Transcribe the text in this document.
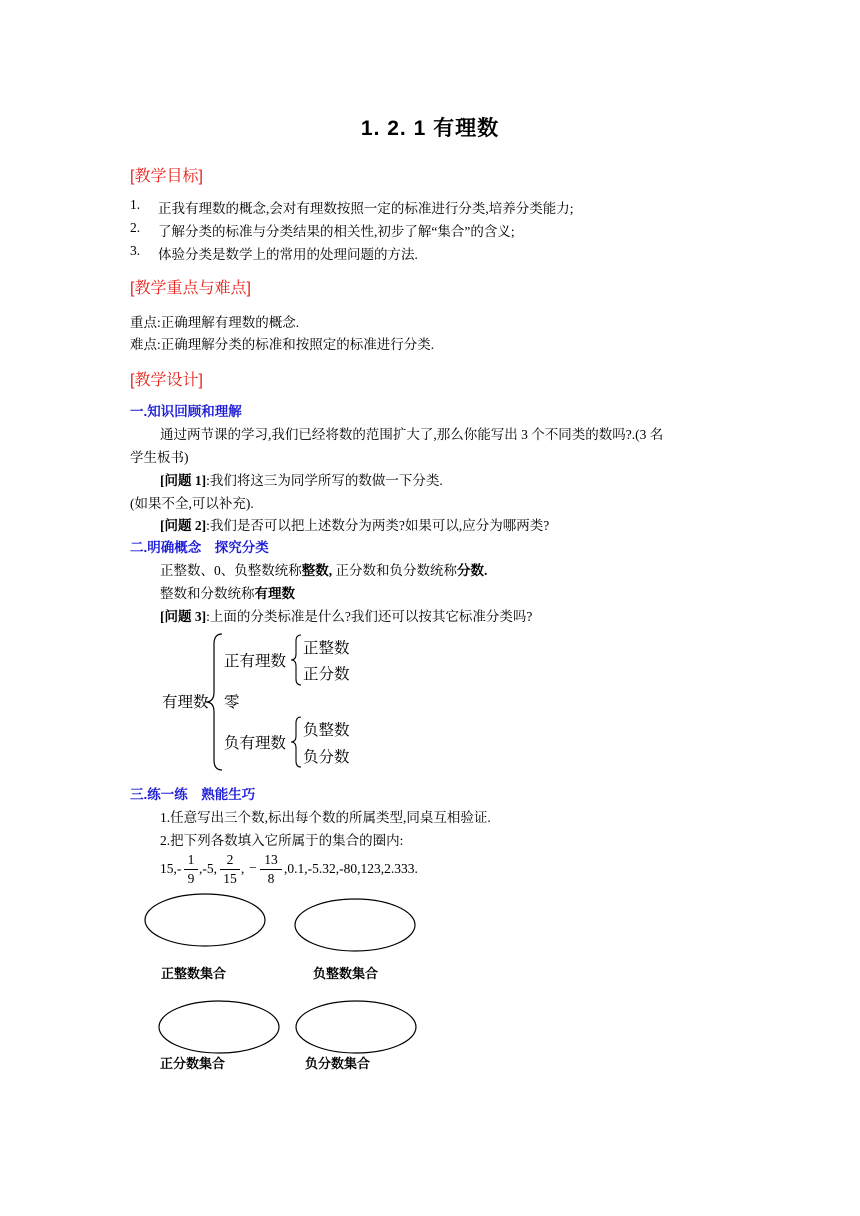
1. 2. 1 有理数
[教学目标]
1. 正我有理数的概念,会对有理数按照一定的标准进行分类,培养分类能力;
2. 了解分类的标准与分类结果的相关性,初步了解“集合”的含义;
3. 体验分类是数学上的常用的处理问题的方法.
[教学重点与难点]
重点:正确理解有理数的概念.
难点:正确理解分类的标准和按照定的标准进行分类.
[教学设计]
一.知识回顾和理解
通过两节课的学习,我们已经将数的范围扩大了,那么你能写出 3 个不同类的数吗?.(3 名
学生板书)
[问题 1]:我们将这三为同学所写的数做一下分类.
(如果不全,可以补充).
[问题 2]:我们是否可以把上述数分为两类?如果可以,应分为哪两类?
二.明确概念　探究分类
正整数、0、负整数统称整数, 正分数和负分数统称分数.
整数和分数统称有理数
[问题 3]:上面的分类标准是什么?我们还可以按其它标准分类吗?
有理数
正有理数
正整数
正分数
零
负有理数
负整数
负分数
三.练一练　熟能生巧
1.任意写出三个数,标出每个数的所属类型,同桌互相验证.
2.把下列各数填入它所属于的集合的圈内:
15,-
1
9
,-5,
2
15
, −
13
8
,0.1,-5.32,-80,123,2.333.
正整数集合	负整数集合
正分数集合	负分数集合
